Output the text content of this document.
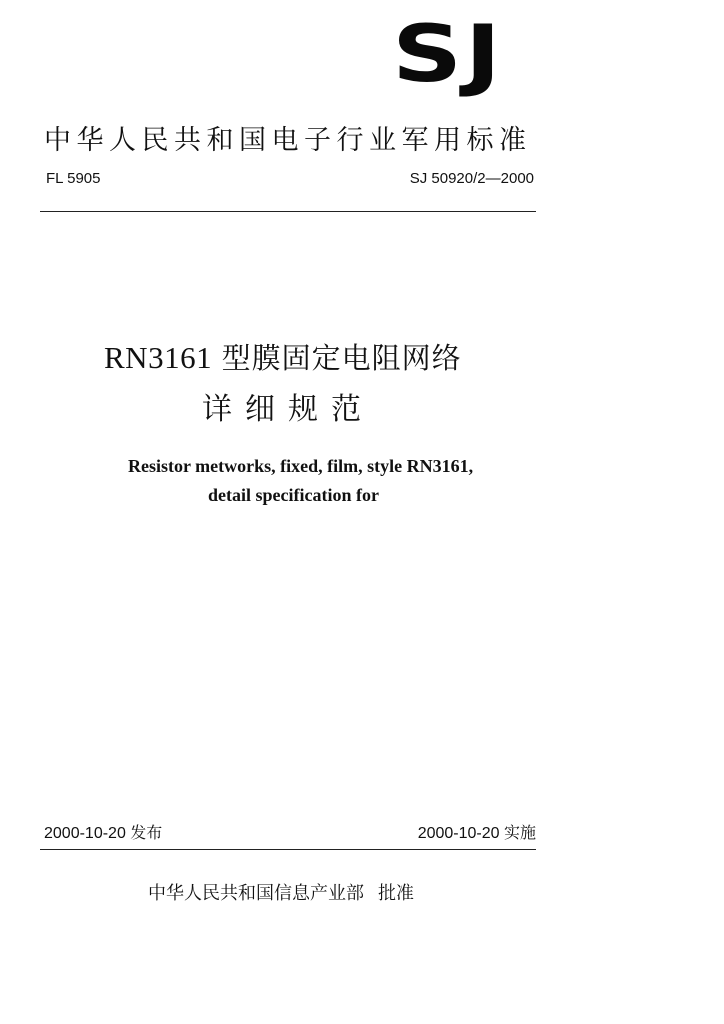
SJ
中华人民共和国电子行业军用标准
FL 5905	SJ 50920/2—2000
RN3161 型膜固定电阻网络
详细规范
Resistor metworks, fixed, film, style RN3161,
detail specification for
2000-10-20 发布	2000-10-20 实施
中华人民共和国信息产业部 批准
